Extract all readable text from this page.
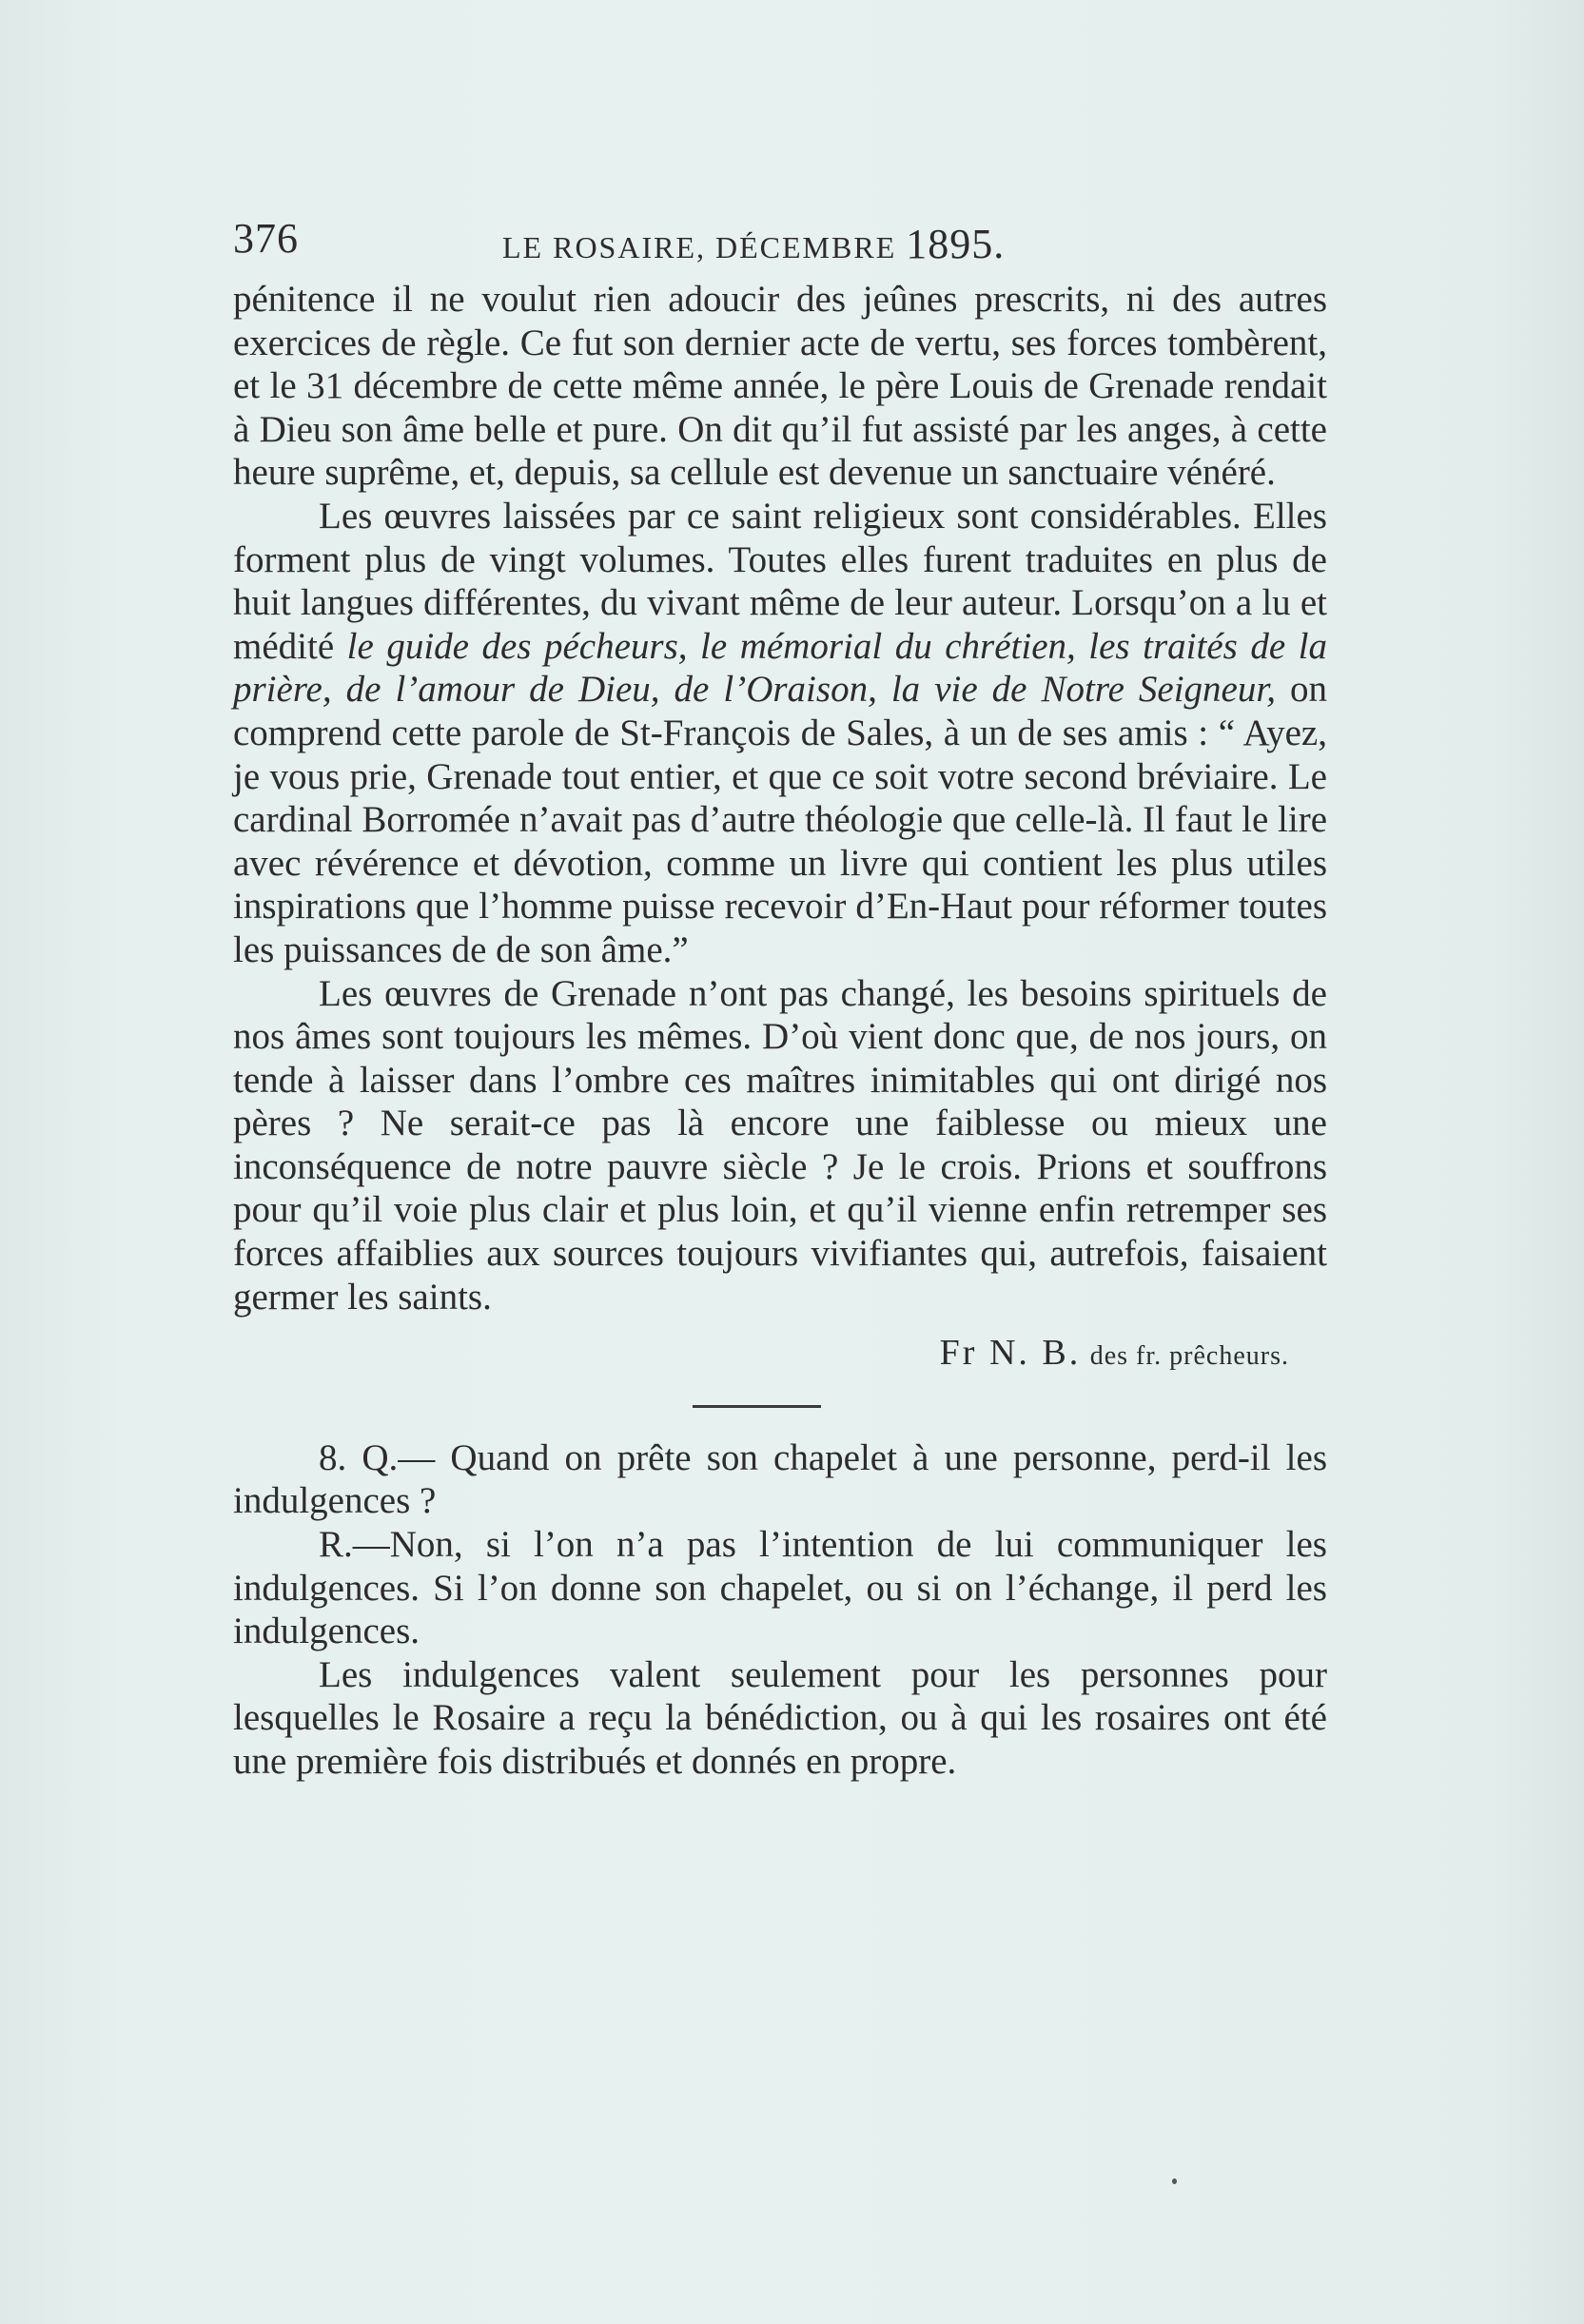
376	LE ROSAIRE, DÉCEMBRE 1895.

pénitence il ne voulut rien adoucir des jeûnes prescrits, ni des autres exercices de règle. Ce fut son dernier acte de vertu, ses forces tombèrent, et le 31 décembre de cette même année, le père Louis de Grenade rendait à Dieu son âme belle et pure. On dit qu’il fut assisté par les anges, à cette heure suprême, et, depuis, sa cellule est devenue un sanctuaire vénéré.

Les œuvres laissées par ce saint religieux sont considérables. Elles forment plus de vingt volumes. Toutes elles furent traduites en plus de huit langues différentes, du vivant même de leur auteur. Lorsqu’on a lu et médité le guide des pécheurs, le mémorial du chrétien, les traités de la prière, de l’amour de Dieu, de l’Oraison, la vie de Notre Seigneur, on comprend cette parole de St-François de Sales, à un de ses amis : “ Ayez, je vous prie, Grenade tout entier, et que ce soit votre second bréviaire. Le cardinal Borromée n’avait pas d’autre théologie que celle-là. Il faut le lire avec révérence et dévotion, comme un livre qui contient les plus utiles inspirations que l’homme puisse recevoir d’En-Haut pour réformer toutes les puissances de de son âme.”

Les œuvres de Grenade n’ont pas changé, les besoins spirituels de nos âmes sont toujours les mêmes. D’où vient donc que, de nos jours, on tende à laisser dans l’ombre ces maîtres inimitables qui ont dirigé nos pères ? Ne serait-ce pas là encore une faiblesse ou mieux une inconséquence de notre pauvre siècle ? Je le crois. Prions et souffrons pour qu’il voie plus clair et plus loin, et qu’il vienne enfin retremper ses forces affaiblies aux sources toujours vivifiantes qui, autrefois, faisaient germer les saints.

Fr N. B. des fr. prêcheurs.

8. Q.— Quand on prête son chapelet à une personne, perd-il les indulgences ?

R.—Non, si l’on n’a pas l’intention de lui communiquer les indulgences. Si l’on donne son chapelet, ou si on l’échange, il perd les indulgences.

Les indulgences valent seulement pour les personnes pour lesquelles le Rosaire a reçu la bénédiction, ou à qui les rosaires ont été une première fois distribués et donnés en propre.
